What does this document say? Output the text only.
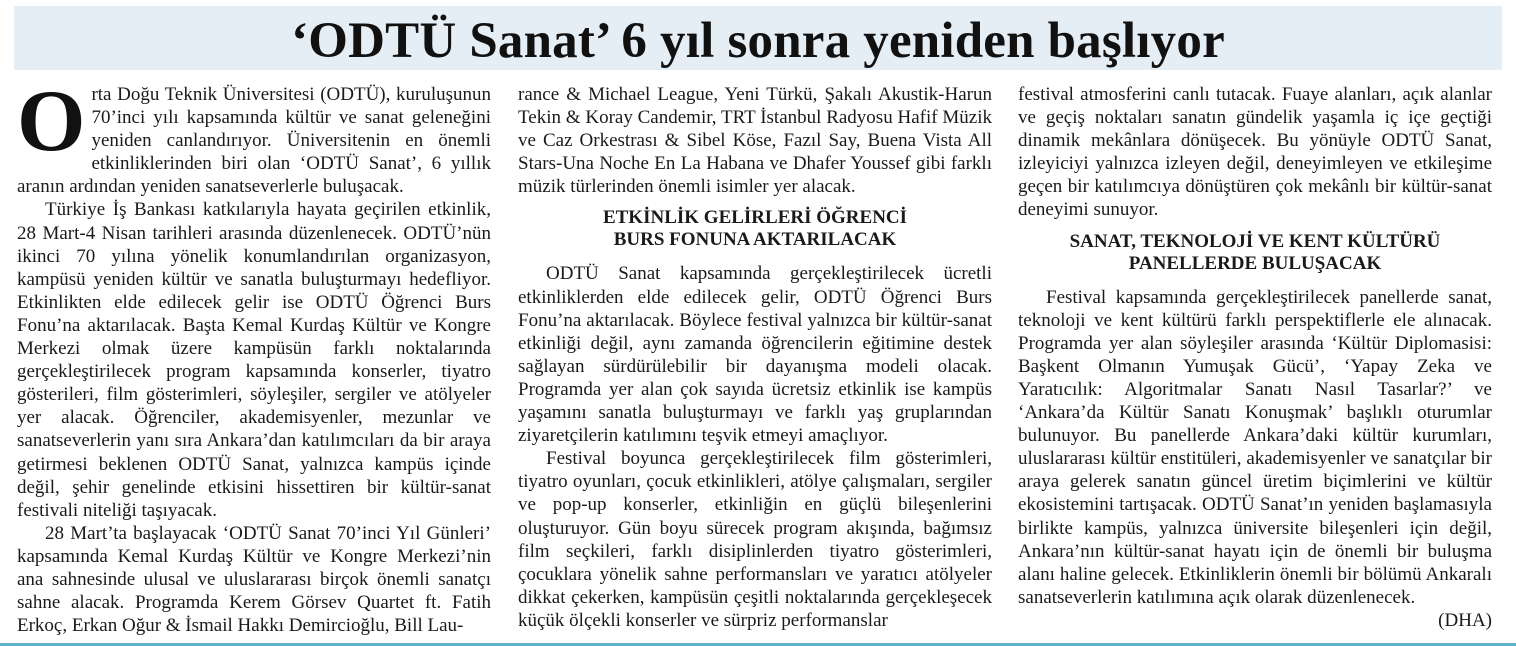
‘ODTÜ Sanat’ 6 yıl sonra yeniden başlıyor
O rta Doğu Teknik Üniversitesi (ODTÜ), kuruluşunun 70’inci yılı kapsamında kültür ve sanat geleneğini yeniden canlandırıyor. Üniversitenin en önemli etkinliklerinden biri olan ‘ODTÜ Sanat’, 6 yıllık aranın ardından yeniden sanatseverlerle buluşacak.

Türkiye İş Bankası katkılarıyla hayata geçirilen etkinlik, 28 Mart-4 Nisan tarihleri arasında düzenlenecek. ODTÜ’nün ikinci 70 yılına yönelik konumlandırılan organizasyon, kampüsü yeniden kültür ve sanatla buluşturmayı hedefliyor. Etkinlikten elde edilecek gelir ise ODTÜ Öğrenci Burs Fonu’na aktarılacak. Başta Kemal Kurdaş Kültür ve Kongre Merkezi olmak üzere kampüsün farklı noktalarında gerçekleştirilecek program kapsamında konserler, tiyatro gösterileri, film gösterimleri, söyleşiler, sergiler ve atölyeler yer alacak. Öğrenciler, akademisyenler, mezunlar ve sanatseverlerin yanı sıra Ankara’dan katılımcıları da bir araya getirmesi beklenen ODTÜ Sanat, yalnızca kampüs içinde değil, şehir genelinde etkisini hissettiren bir kültür-sanat festivali niteliği taşıyacak.

28 Mart’ta başlayacak ‘ODTÜ Sanat 70’inci Yıl Günleri’ kapsamında Kemal Kurdaş Kültür ve Kongre Merkezi’nin ana sahnesinde ulusal ve uluslararası birçok önemli sanatçı sahne alacak. Programda Kerem Görsev Quartet ft. Fatih Erkoç, Erkan Oğur & İsmail Hakkı Demircioğlu, Bill Lau-

rance & Michael League, Yeni Türkü, Şakalı Akustik-Harun Tekin & Koray Candemir, TRT İstanbul Radyosu Hafif Müzik ve Caz Orkestrası & Sibel Köse, Fazıl Say, Buena Vista All Stars-Una Noche En La Habana ve Dhafer Youssef gibi farklı müzik türlerinden önemli isimler yer alacak.

ETKİNLİK GELİRLERİ ÖĞRENCİ
BURS FONUNA AKTARILACAK

ODTÜ Sanat kapsamında gerçekleştirilecek ücretli etkinliklerden elde edilecek gelir, ODTÜ Öğrenci Burs Fonu’na aktarılacak. Böylece festival yalnızca bir kültür-sanat etkinliği değil, aynı zamanda öğrencilerin eğitimine destek sağlayan sürdürülebilir bir dayanışma modeli olacak. Programda yer alan çok sayıda ücretsiz etkinlik ise kampüs yaşamını sanatla buluşturmayı ve farklı yaş gruplarından ziyaretçilerin katılımını teşvik etmeyi amaçlıyor.

Festival boyunca gerçekleştirilecek film gösterimleri, tiyatro oyunları, çocuk etkinlikleri, atölye çalışmaları, sergiler ve pop-up konserler, etkinliğin en güçlü bileşenlerini oluşturuyor. Gün boyu sürecek program akışında, bağımsız film seçkileri, farklı disiplinlerden tiyatro gösterimleri, çocuklara yönelik sahne performansları ve yaratıcı atölyeler dikkat çekerken, kampüsün çeşitli noktalarında gerçekleşecek küçük ölçekli konserler ve sürpriz performanslar

festival atmosferini canlı tutacak. Fuaye alanları, açık alanlar ve geçiş noktaları sanatın gündelik yaşamla iç içe geçtiği dinamik mekânlara dönüşecek. Bu yönüyle ODTÜ Sanat, izleyiciyi yalnızca izleyen değil, deneyimleyen ve etkileşime geçen bir katılımcıya dönüştüren çok mekânlı bir kültür-sanat deneyimi sunuyor.

SANAT, TEKNOLOJİ VE KENT KÜLTÜRÜ
PANELLERDE BULUŞACAK

Festival kapsamında gerçekleştirilecek panellerde sanat, teknoloji ve kent kültürü farklı perspektiflerle ele alınacak. Programda yer alan söyleşiler arasında ‘Kültür Diplomasisi: Başkent Olmanın Yumuşak Gücü’, ‘Yapay Zeka ve Yaratıcılık: Algoritmalar Sanatı Nasıl Tasarlar?’ ve ‘Ankara’da Kültür Sanatı Konuşmak’ başlıklı oturumlar bulunuyor. Bu panellerde Ankara’daki kültür kurumları, uluslararası kültür enstitüleri, akademisyenler ve sanatçılar bir araya gelerek sanatın güncel üretim biçimlerini ve kültür ekosistemini tartışacak. ODTÜ Sanat’ın yeniden başlamasıyla birlikte kampüs, yalnızca üniversite bileşenleri için değil, Ankara’nın kültür-sanat hayatı için de önemli bir buluşma alanı haline gelecek. Etkinliklerin önemli bir bölümü Ankaralı sanatseverlerin katılımına açık olarak düzenlenecek.
(DHA)
